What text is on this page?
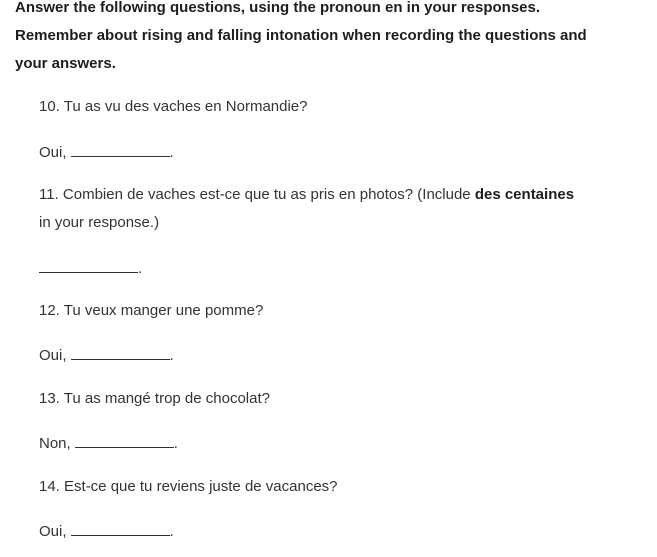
Answer the following questions, using the pronoun en in your responses.
Remember about rising and falling intonation when recording the questions and
your answers.
10. Tu as vu des vaches en Normandie?
Oui,	.
11. Combien de vaches est-ce que tu as pris en photos? (Include des centaines
in your response.)
.
12. Tu veux manger une pomme?
Oui,	.
13. Tu as mangé trop de chocolat?
Non,	.
14. Est-ce que tu reviens juste de vacances?
Oui,	.
